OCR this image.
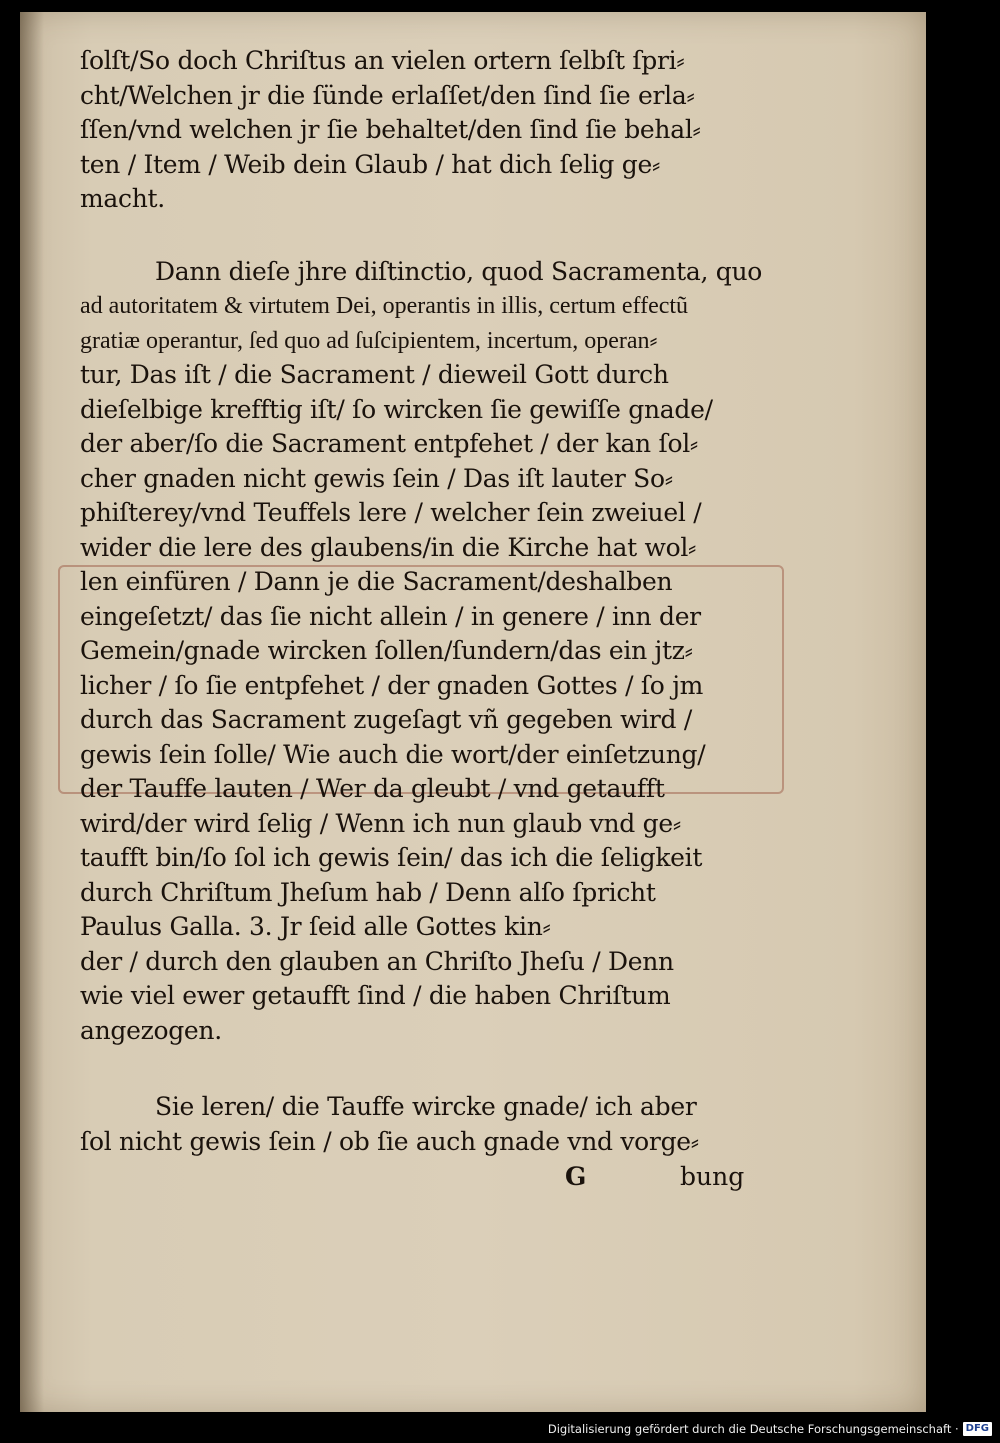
ſolſt/So doch Chriſtus an vielen ortern ſelbſt ſpri⸗
cht/Welchen jr die ſünde erlaſſet/den ſind ſie erla⸗
ſſen/vnd welchen jr ſie behaltet/den ſind ſie behal⸗
ten / Item / Weib dein Glaub / hat dich ſelig ge⸗
macht.
Dann dieſe jhre diſtinctio, quod Sacramenta, quo
ad autoritatem & virtutem Dei, operantis in illis, certum effectũ
gratiæ operantur, ſed quo ad ſuſcipientem, incertum, operan⸗
tur, Das iſt / die Sacrament / dieweil Gott durch
dieſelbige krefftig iſt/ ſo wircken ſie gewiſſe gnade/
der aber/ſo die Sacrament entpfehet / der kan ſol⸗
cher gnaden nicht gewis ſein / Das iſt lauter So⸗
phiſterey/vnd Teuffels lere / welcher ſein zweiuel /
wider die lere des glaubens/in die Kirche hat wol⸗
len einfüren / Dann je die Sacrament/deshalben
eingeſetzt/ das ſie nicht allein / in genere / inn der
Gemein/gnade wircken ſollen/ſundern/das ein jtz⸗
licher / ſo ſie entpfehet / der gnaden Gottes / ſo jm
durch das Sacrament zugeſagt vñ gegeben wird /
gewis ſein ſolle/ Wie auch die wort/der einſetzung/
der Tauffe lauten / Wer da gleubt / vnd getaufft
wird/der wird ſelig / Wenn ich nun glaub vnd ge⸗
taufft bin/ſo ſol ich gewis ſein/ das ich die ſeligkeit
durch Chriſtum Jheſum hab / Denn alſo ſpricht
Paulus Galla. 3. Jr ſeid alle Gottes kin⸗
der / durch den glauben an Chriſto Jheſu / Denn
wie viel ewer getaufft ſind / die haben Chriſtum
angezogen.
Sie leren/ die Tauffe wircke gnade/ ich aber
ſol nicht gewis ſein / ob ſie auch gnade vnd vorge⸗
G	bung
Digitalisierung gefördert durch die Deutsche Forschungsgemeinschaft · DFG
